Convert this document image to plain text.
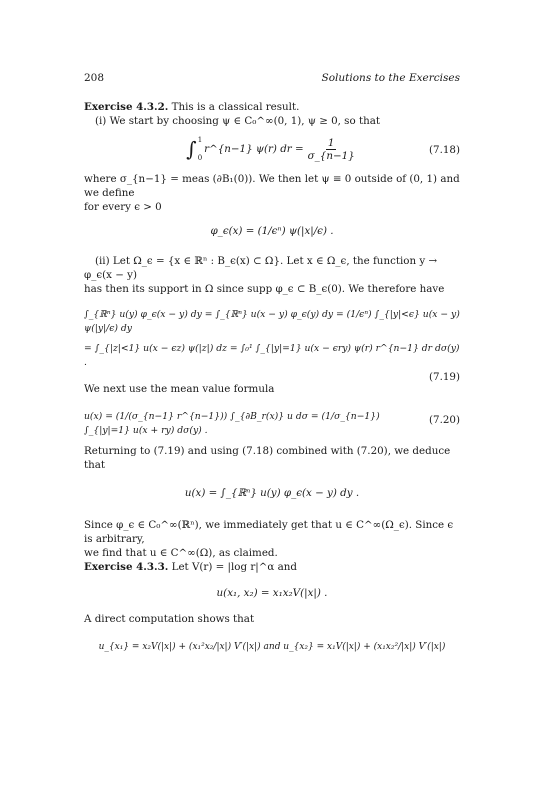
208	Solutions to the Exercises

Exercise 4.3.2. This is a classical result.

(i) We start by choosing ψ ∈ C₀^∞(0, 1), ψ ≥ 0, so that

∫ 1
0
r^{n−1} ψ(r) dr = $\frac{1}{\sigma\_\{n-1\}}$	(7.18)

where σ_{n−1} = meas (∂B₁(0)). We then let ψ ≡ 0 outside of (0, 1) and we define

for every ϵ > 0

φ_ϵ(x) = (1/ϵⁿ) ψ(|x|/ϵ) .

(ii) Let Ω_ϵ = {x ∈ ℝⁿ : B_ϵ(x) ⊂ Ω}. Let x ∈ Ω_ϵ, the function y → φ_ϵ(x − y)

has then its support in Ω since supp φ_ϵ ⊂ B_ϵ(0). We therefore have

∫_{ℝⁿ} u(y) φ_ϵ(x − y) dy = ∫_{ℝⁿ} u(x − y) φ_ϵ(y) dy = (1/ϵⁿ) ∫_{|y|<ϵ} u(x − y) ψ(|y|/ϵ) dy
= ∫_{|z|<1} u(x − ϵz) ψ(|z|) dz = ∫₀¹ ∫_{|y|=1} u(x − ϵry) ψ(r) r^{n−1} dr dσ(y) .
(7.19)

We next use the mean value formula

u(x) = (1/(σ_{n−1} r^{n−1})) ∫_{∂B_r(x)} u dσ = (1/σ_{n−1}) ∫_{|y|=1} u(x + ry) dσ(y) .
(7.20)

Returning to (7.19) and using (7.18) combined with (7.20), we deduce that

u(x) = ∫_{ℝⁿ} u(y) φ_ϵ(x − y) dy .

Since φ_ϵ ∈ C₀^∞(ℝⁿ), we immediately get that u ∈ C^∞(Ω_ϵ). Since ϵ is arbitrary,

we find that u ∈ C^∞(Ω), as claimed.

Exercise 4.3.3. Let V(r) = |log r|^α and

u(x₁, x₂) = x₁x₂V(|x|) .

A direct computation shows that

u_{x₁} = x₂V(|x|) + (x₁²x₂/|x|) V′(|x|) and u_{x₂} = x₁V(|x|) + (x₁x₂²/|x|) V′(|x|)
